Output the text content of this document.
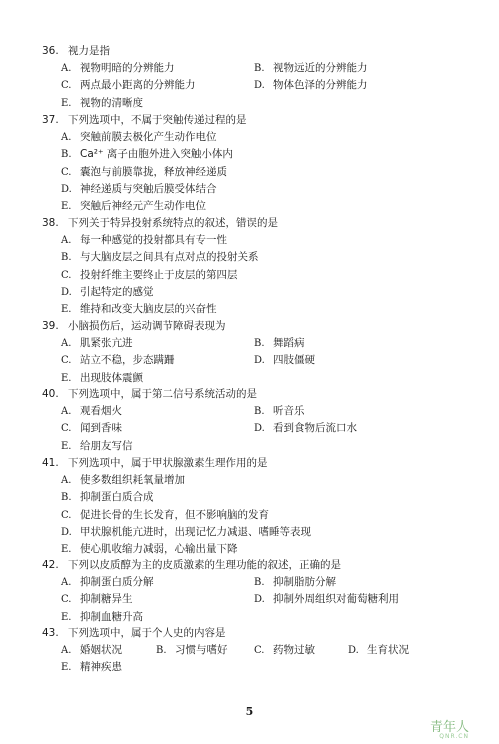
36. 视力是指
A. 视物明暗的分辨能力	B. 视物远近的分辨能力
C. 两点最小距离的分辨能力	D. 物体色泽的分辨能力
E. 视物的清晰度
37. 下列选项中，不属于突触传递过程的是
A. 突触前膜去极化产生动作电位
B. Ca²⁺ 离子由胞外进入突触小体内
C. 囊泡与前膜靠拢，释放神经递质
D. 神经递质与突触后膜受体结合
E. 突触后神经元产生动作电位
38. 下列关于特异投射系统特点的叙述，错误的是
A. 每一种感觉的投射都具有专一性
B. 与大脑皮层之间具有点对点的投射关系
C. 投射纤维主要终止于皮层的第四层
D. 引起特定的感觉
E. 维持和改变大脑皮层的兴奋性
39. 小脑损伤后，运动调节障碍表现为
A. 肌紧张亢进	B. 舞蹈病
C. 站立不稳，步态蹒跚	D. 四肢僵硬
E. 出现肢体震颤
40. 下列选项中，属于第二信号系统活动的是
A. 观看烟火	B. 听音乐
C. 闻到香味	D. 看到食物后流口水
E. 给朋友写信
41. 下列选项中，属于甲状腺激素生理作用的是
A. 使多数组织耗氧量增加
B. 抑制蛋白质合成
C. 促进长骨的生长发育，但不影响脑的发育
D. 甲状腺机能亢进时，出现记忆力减退、嗜睡等表现
E. 使心肌收缩力减弱，心输出量下降
42. 下列以皮质醇为主的皮质激素的生理功能的叙述，正确的是
A. 抑制蛋白质分解	B. 抑制脂肪分解
C. 抑制糖异生	D. 抑制外周组织对葡萄糖利用
E. 抑制血糖升高
43. 下列选项中，属于个人史的内容是
A. 婚姻状况	B. 习惯与嗜好	C. 药物过敏	D. 生育状况
E. 精神疾患
5
青年人
QNR.CN
